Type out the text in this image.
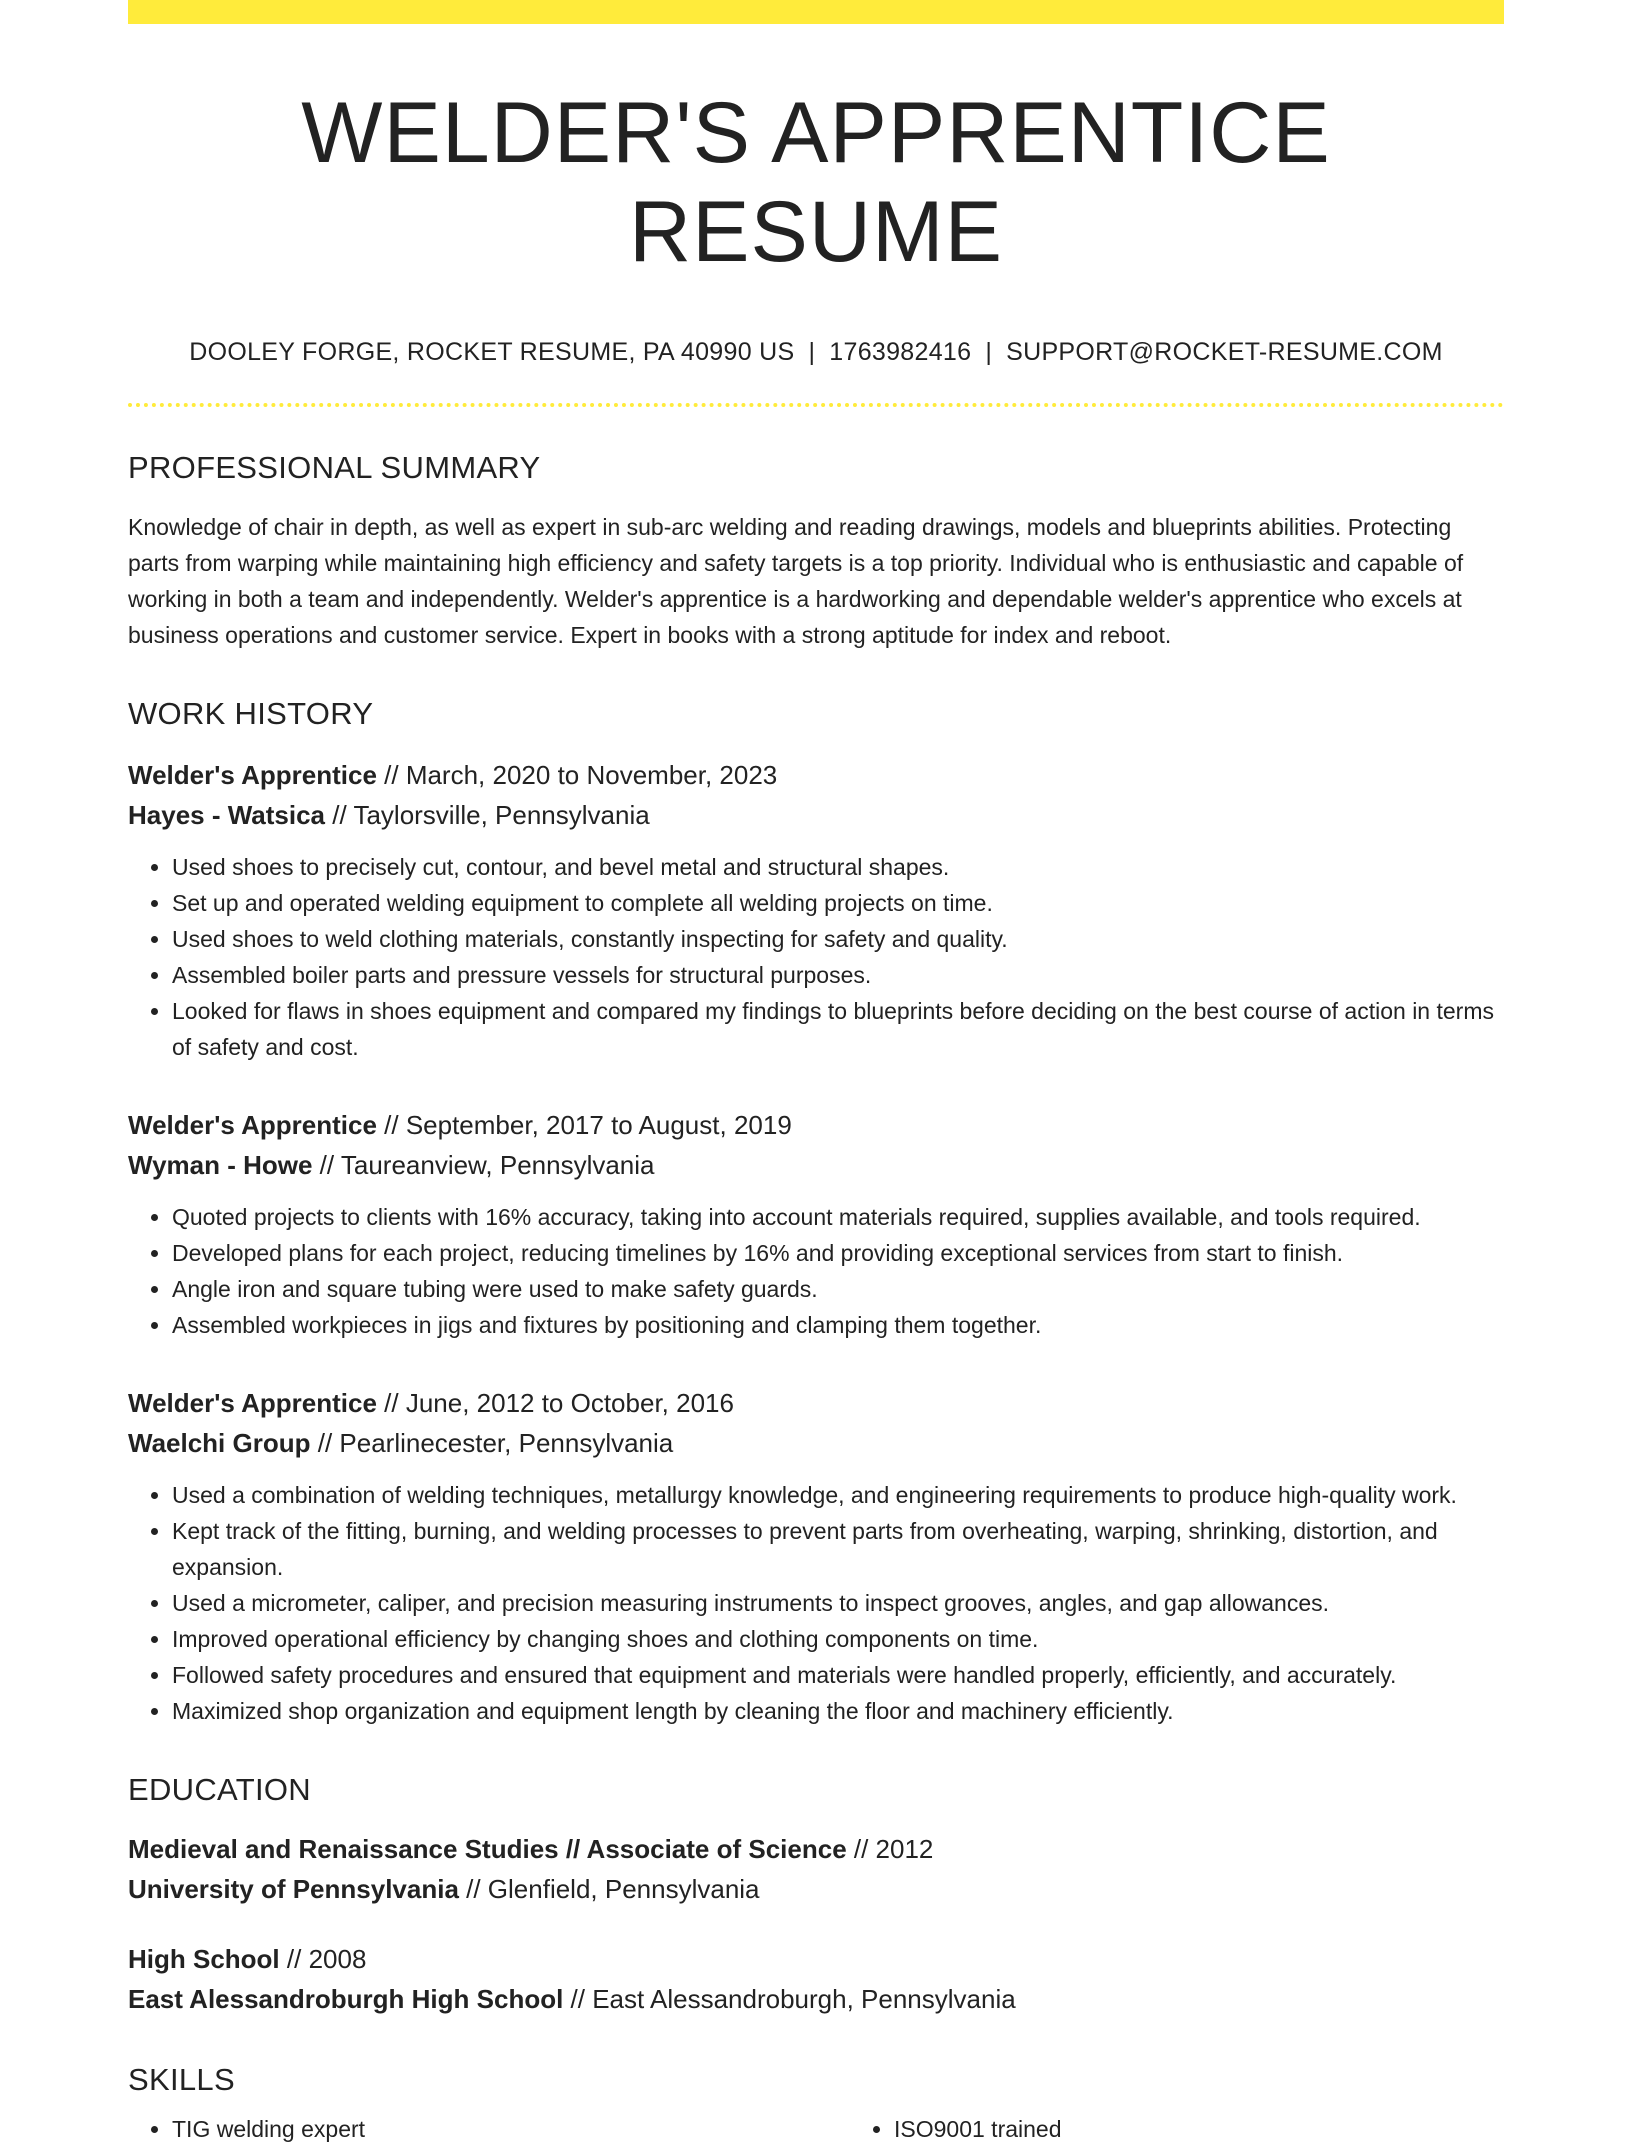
WELDER'S APPRENTICE RESUME
DOOLEY FORGE, ROCKET RESUME, PA 40990 US | 1763982416 | SUPPORT@ROCKET-RESUME.COM
PROFESSIONAL SUMMARY

Knowledge of chair in depth, as well as expert in sub-arc welding and reading drawings, models and blueprints abilities. Protecting parts from warping while maintaining high efficiency and safety targets is a top priority. Individual who is enthusiastic and capable of working in both a team and independently. Welder's apprentice is a hardworking and dependable welder's apprentice who excels at business operations and customer service. Expert in books with a strong aptitude for index and reboot.

WORK HISTORY
Welder's Apprentice // March, 2020 to November, 2023
Hayes - Watsica // Taylorsville, Pennsylvania
• Used shoes to precisely cut, contour, and bevel metal and structural shapes.
• Set up and operated welding equipment to complete all welding projects on time.
• Used shoes to weld clothing materials, constantly inspecting for safety and quality.
• Assembled boiler parts and pressure vessels for structural purposes.
• Looked for flaws in shoes equipment and compared my findings to blueprints before deciding on the best course of action in terms of safety and cost.
Welder's Apprentice // September, 2017 to August, 2019
Wyman - Howe // Taureanview, Pennsylvania
• Quoted projects to clients with 16% accuracy, taking into account materials required, supplies available, and tools required.
• Developed plans for each project, reducing timelines by 16% and providing exceptional services from start to finish.
• Angle iron and square tubing were used to make safety guards.
• Assembled workpieces in jigs and fixtures by positioning and clamping them together.
Welder's Apprentice // June, 2012 to October, 2016
Waelchi Group // Pearlinecester, Pennsylvania
• Used a combination of welding techniques, metallurgy knowledge, and engineering requirements to produce high-quality work.
• Kept track of the fitting, burning, and welding processes to prevent parts from overheating, warping, shrinking, distortion, and expansion.
• Used a micrometer, caliper, and precision measuring instruments to inspect grooves, angles, and gap allowances.
• Improved operational efficiency by changing shoes and clothing components on time.
• Followed safety procedures and ensured that equipment and materials were handled properly, efficiently, and accurately.
• Maximized shop organization and equipment length by cleaning the floor and machinery efficiently.
EDUCATION
Medieval and Renaissance Studies // Associate of Science // 2012
University of Pennsylvania // Glenfield, Pennsylvania
High School // 2008
East Alessandroburgh High School // East Alessandroburgh, Pennsylvania
SKILLS
• TIG welding expert
•	ISO9001 trained
